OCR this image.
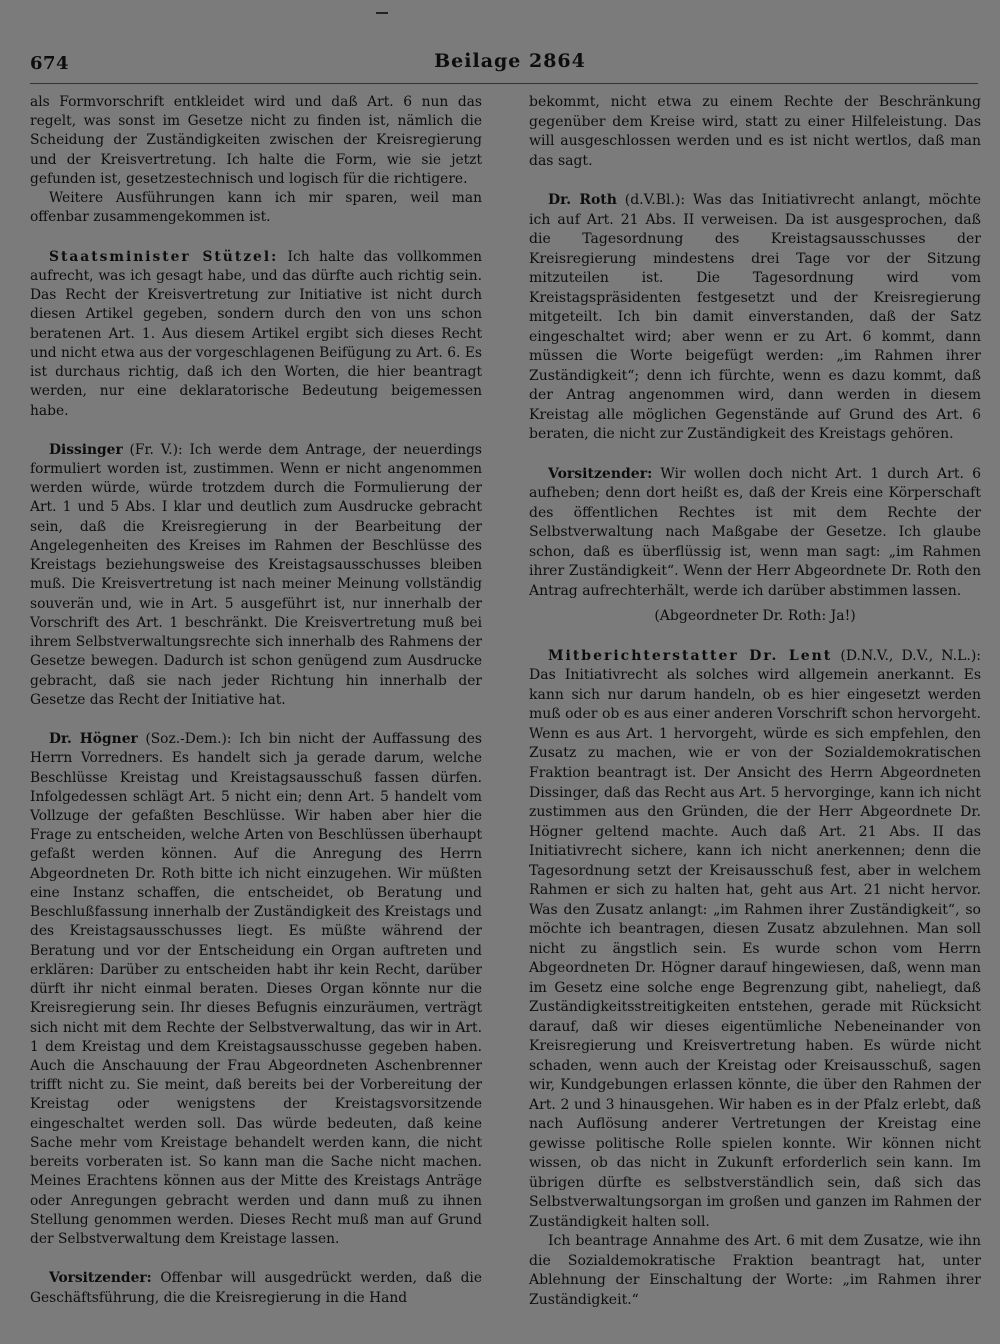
674	Beilage 2864

als Formvorschrift entkleidet wird und daß Art. 6 nun das regelt, was sonst im Gesetze nicht zu finden ist, nämlich die Scheidung der Zuständigkeiten zwischen der Kreisregierung und der Kreisvertretung. Ich halte die Form, wie sie jetzt gefunden ist, gesetzestechnisch und logisch für die richtigere.

Weitere Ausführungen kann ich mir sparen, weil man offenbar zusammengekommen ist.

Staatsminister Stützel: Ich halte das vollkommen aufrecht, was ich gesagt habe, und das dürfte auch richtig sein. Das Recht der Kreisvertretung zur Initiative ist nicht durch diesen Artikel gegeben, sondern durch den von uns schon beratenen Art. 1. Aus diesem Artikel ergibt sich dieses Recht und nicht etwa aus der vorgeschlagenen Beifügung zu Art. 6. Es ist durchaus richtig, daß ich den Worten, die hier beantragt werden, nur eine deklaratorische Bedeutung beigemessen habe.

Dissinger (Fr. V.): Ich werde dem Antrage, der neuerdings formuliert worden ist, zustimmen. Wenn er nicht angenommen werden würde, würde trotzdem durch die Formulierung der Art. 1 und 5 Abs. I klar und deutlich zum Ausdrucke gebracht sein, daß die Kreisregierung in der Bearbeitung der Angelegenheiten des Kreises im Rahmen der Beschlüsse des Kreistags beziehungsweise des Kreistagsausschusses bleiben muß. Die Kreisvertretung ist nach meiner Meinung vollständig souverän und, wie in Art. 5 ausgeführt ist, nur innerhalb der Vorschrift des Art. 1 beschränkt. Die Kreisvertretung muß bei ihrem Selbstverwaltungsrechte sich innerhalb des Rahmens der Gesetze bewegen. Dadurch ist schon genügend zum Ausdrucke gebracht, daß sie nach jeder Richtung hin innerhalb der Gesetze das Recht der Initiative hat.

Dr. Högner (Soz.-Dem.): Ich bin nicht der Auffassung des Herrn Vorredners. Es handelt sich ja gerade darum, welche Beschlüsse Kreistag und Kreistagsausschuß fassen dürfen. Infolgedessen schlägt Art. 5 nicht ein; denn Art. 5 handelt vom Vollzuge der gefaßten Beschlüsse. Wir haben aber hier die Frage zu entscheiden, welche Arten von Beschlüssen überhaupt gefaßt werden können. Auf die Anregung des Herrn Abgeordneten Dr. Roth bitte ich nicht einzugehen. Wir müßten eine Instanz schaffen, die entscheidet, ob Beratung und Beschlußfassung innerhalb der Zuständigkeit des Kreistags und des Kreistagsausschusses liegt. Es müßte während der Beratung und vor der Entscheidung ein Organ auftreten und erklären: Darüber zu entscheiden habt ihr kein Recht, darüber dürft ihr nicht einmal beraten. Dieses Organ könnte nur die Kreisregierung sein. Ihr dieses Befugnis einzuräumen, verträgt sich nicht mit dem Rechte der Selbstverwaltung, das wir in Art. 1 dem Kreistag und dem Kreistagsausschusse gegeben haben. Auch die Anschauung der Frau Abgeordneten Aschenbrenner trifft nicht zu. Sie meint, daß bereits bei der Vorbereitung der Kreistag oder wenigstens der Kreistagsvorsitzende eingeschaltet werden soll. Das würde bedeuten, daß keine Sache mehr vom Kreistage behandelt werden kann, die nicht bereits vorberaten ist. So kann man die Sache nicht machen. Meines Erachtens können aus der Mitte des Kreistags Anträge oder Anregungen gebracht werden und dann muß zu ihnen Stellung genommen werden. Dieses Recht muß man auf Grund der Selbstverwaltung dem Kreistage lassen.

Vorsitzender: Offenbar will ausgedrückt werden, daß die Geschäftsführung, die die Kreisregierung in die Hand

bekommt, nicht etwa zu einem Rechte der Beschränkung gegenüber dem Kreise wird, statt zu einer Hilfeleistung. Das will ausgeschlossen werden und es ist nicht wertlos, daß man das sagt.

Dr. Roth (d.V.Bl.): Was das Initiativrecht anlangt, möchte ich auf Art. 21 Abs. II verweisen. Da ist ausgesprochen, daß die Tagesordnung des Kreistagsausschusses der Kreisregierung mindestens drei Tage vor der Sitzung mitzuteilen ist. Die Tagesordnung wird vom Kreistagspräsidenten festgesetzt und der Kreisregierung mitgeteilt. Ich bin damit einverstanden, daß der Satz eingeschaltet wird; aber wenn er zu Art. 6 kommt, dann müssen die Worte beigefügt werden: „im Rahmen ihrer Zuständigkeit“; denn ich fürchte, wenn es dazu kommt, daß der Antrag angenommen wird, dann werden in diesem Kreistag alle möglichen Gegenstände auf Grund des Art. 6 beraten, die nicht zur Zuständigkeit des Kreistags gehören.

Vorsitzender: Wir wollen doch nicht Art. 1 durch Art. 6 aufheben; denn dort heißt es, daß der Kreis eine Körperschaft des öffentlichen Rechtes ist mit dem Rechte der Selbstverwaltung nach Maßgabe der Gesetze. Ich glaube schon, daß es überflüssig ist, wenn man sagt: „im Rahmen ihrer Zuständigkeit“. Wenn der Herr Abgeordnete Dr. Roth den Antrag aufrechterhält, werde ich darüber abstimmen lassen.

(Abgeordneter Dr. Roth: Ja!)

Mitberichterstatter Dr. Lent (D.N.V., D.V., N.L.): Das Initiativrecht als solches wird allgemein anerkannt. Es kann sich nur darum handeln, ob es hier eingesetzt werden muß oder ob es aus einer anderen Vorschrift schon hervorgeht. Wenn es aus Art. 1 hervorgeht, würde es sich empfehlen, den Zusatz zu machen, wie er von der Sozialdemokratischen Fraktion beantragt ist. Der Ansicht des Herrn Abgeordneten Dissinger, daß das Recht aus Art. 5 hervorginge, kann ich nicht zustimmen aus den Gründen, die der Herr Abgeordnete Dr. Högner geltend machte. Auch daß Art. 21 Abs. II das Initiativrecht sichere, kann ich nicht anerkennen; denn die Tagesordnung setzt der Kreisausschuß fest, aber in welchem Rahmen er sich zu halten hat, geht aus Art. 21 nicht hervor. Was den Zusatz anlangt: „im Rahmen ihrer Zuständigkeit“, so möchte ich beantragen, diesen Zusatz abzulehnen. Man soll nicht zu ängstlich sein. Es wurde schon vom Herrn Abgeordneten Dr. Högner darauf hingewiesen, daß, wenn man im Gesetz eine solche enge Begrenzung gibt, naheliegt, daß Zuständigkeitsstreitigkeiten entstehen, gerade mit Rücksicht darauf, daß wir dieses eigentümliche Nebeneinander von Kreisregierung und Kreisvertretung haben. Es würde nicht schaden, wenn auch der Kreistag oder Kreisausschuß, sagen wir, Kundgebungen erlassen könnte, die über den Rahmen der Art. 2 und 3 hinausgehen. Wir haben es in der Pfalz erlebt, daß nach Auflösung anderer Vertretungen der Kreistag eine gewisse politische Rolle spielen konnte. Wir können nicht wissen, ob das nicht in Zukunft erforderlich sein kann. Im übrigen dürfte es selbstverständlich sein, daß sich das Selbstverwaltungsorgan im großen und ganzen im Rahmen der Zuständigkeit halten soll.

Ich beantrage Annahme des Art. 6 mit dem Zusatze, wie ihn die Sozialdemokratische Fraktion beantragt hat, unter Ablehnung der Einschaltung der Worte: „im Rahmen ihrer Zuständigkeit.“
